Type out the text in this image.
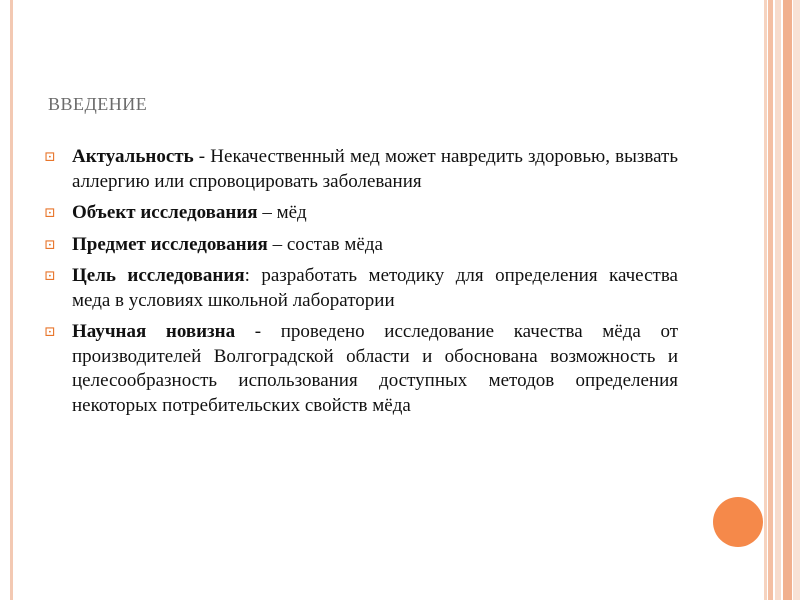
ВВЕДЕНИЕ
⊡ Актуальность - Некачественный мед может навредить здоровью, вызвать аллергию или спровоцировать заболевания
⊡ Объект исследования – мёд
⊡ Предмет исследования – состав мёда
⊡ Цель исследования: разработать методику для определения качества меда в условиях школьной лаборатории
⊡ Научная новизна - проведено исследование качества мёда от производителей Волгоградской области и обоснована возможность и целесообразность использования доступных методов определения некоторых потребительских свойств мёда
